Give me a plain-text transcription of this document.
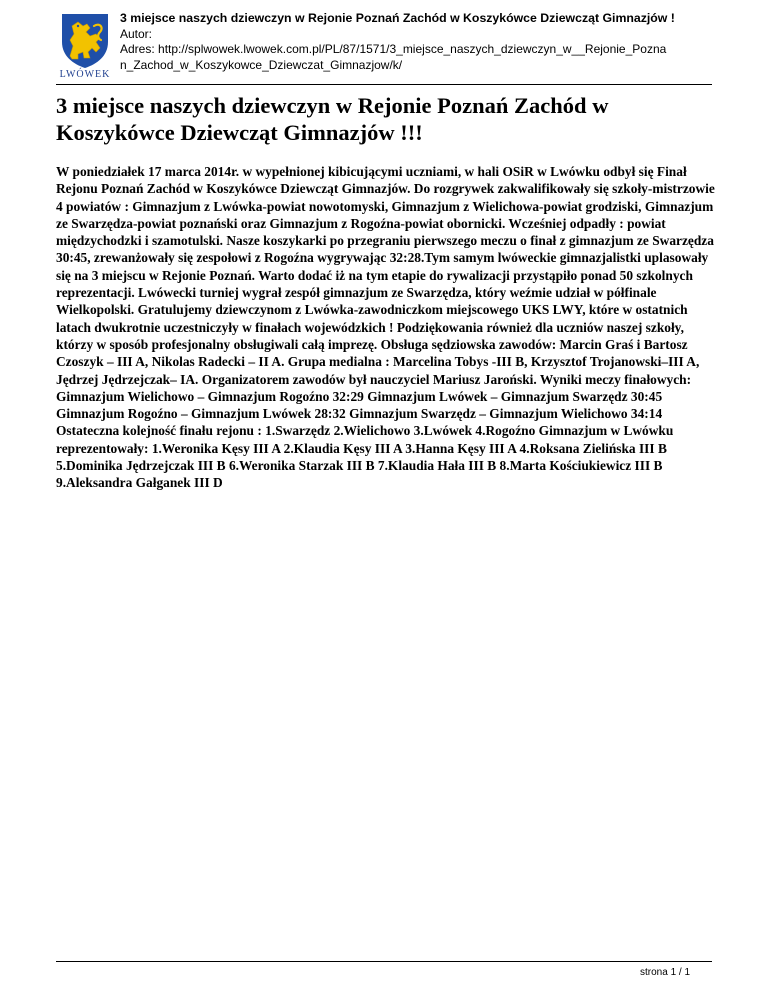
LWÓWEK
3 miejsce naszych dziewczyn w Rejonie Poznań Zachód w Koszykówce Dziewcząt Gimnazjów !
Autor:
Adres: http://splwowek.lwowek.com.pl/PL/87/1571/3_miejsce_naszych_dziewczyn_w__Rejonie_Pozna
n_Zachod_w_Koszykowce_Dziewczat_Gimnazjow/k/
3 miejsce naszych dziewczyn w Rejonie Poznań Zachód w Koszykówce Dziewcząt Gimnazjów !!!

W poniedziałek 17 marca 2014r. w wypełnionej kibicującymi uczniami, w hali OSiR w Lwówku odbył się Finał Rejonu Poznań Zachód w Koszykówce Dziewcząt Gimnazjów. Do rozgrywek zakwalifikowały się szkoły-mistrzowie 4 powiatów : Gimnazjum z Lwówka-powiat nowotomyski, Gimnazjum z Wielichowa-powiat grodziski, Gimnazjum ze Swarzędza-powiat poznański oraz Gimnazjum z Rogoźna-powiat obornicki. Wcześniej odpadły : powiat międzychodzki i szamotulski. Nasze koszykarki po przegraniu pierwszego meczu o finał z gimnazjum ze Swarzędza 30:45, zrewanżowały się zespołowi z Rogoźna wygrywając 32:28.Tym samym lwóweckie gimnazjalistki uplasowały się na 3 miejscu w Rejonie Poznań. Warto dodać iż na tym etapie do rywalizacji przystąpiło ponad 50 szkolnych reprezentacji. Lwówecki turniej wygrał zespół gimnazjum ze Swarzędza, który weźmie udział w półfinale Wielkopolski. Gratulujemy dziewczynom z Lwówka-zawodniczkom miejscowego UKS LWY, które w ostatnich latach dwukrotnie uczestniczyły w finałach wojewódzkich ! Podziękowania również dla uczniów naszej szkoły, którzy w sposób profesjonalny obsługiwali całą imprezę. Obsługa sędziowska zawodów: Marcin Graś i Bartosz Czoszyk – III A, Nikolas Radecki – II A. Grupa medialna : Marcelina Tobys -III B, Krzysztof Trojanowski–III A, Jędrzej Jędrzejczak– IA. Organizatorem zawodów był nauczyciel Mariusz Jaroński. Wyniki meczy finałowych: Gimnazjum Wielichowo – Gimnazjum Rogoźno 32:29 Gimnazjum Lwówek – Gimnazjum Swarzędz 30:45 Gimnazjum Rogoźno – Gimnazjum Lwówek 28:32 Gimnazjum Swarzędz – Gimnazjum Wielichowo 34:14 Ostateczna kolejność finału rejonu : 1.Swarzędz 2.Wielichowo 3.Lwówek 4.Rogoźno Gimnazjum w Lwówku reprezentowały: 1.Weronika Kęsy III A 2.Klaudia Kęsy III A 3.Hanna Kęsy III A 4.Roksana Zielińska III B 5.Dominika Jędrzejczak III B 6.Weronika Starzak III B 7.Klaudia Hała III B 8.Marta Kościukiewicz III B 9.Aleksandra Gałganek III D

strona 1 / 1
